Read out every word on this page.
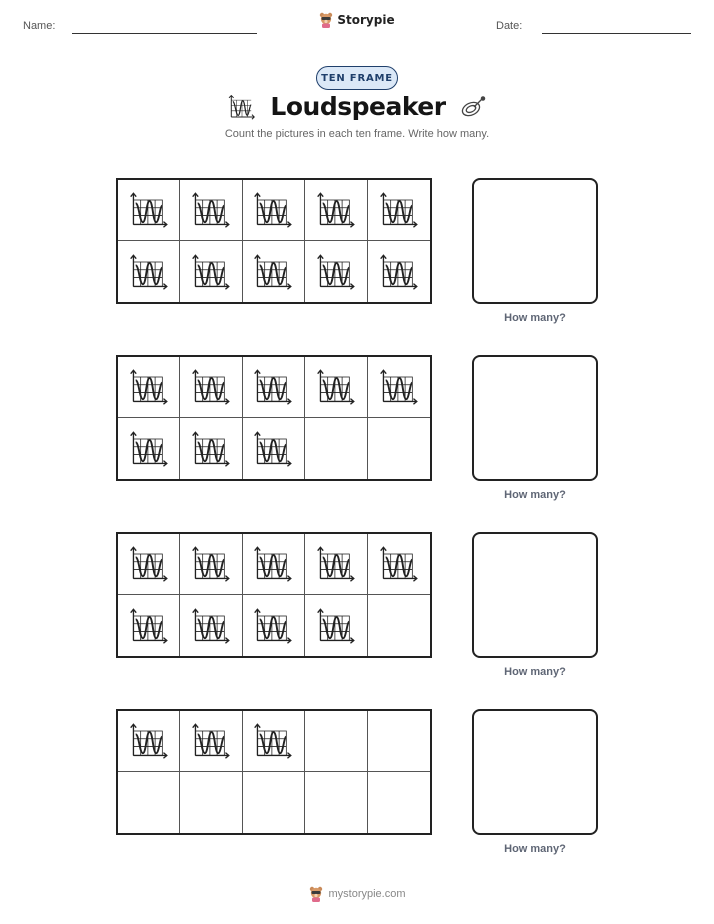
Name:	Storypie	Date:
TEN FRAME
Loudspeaker
Count the pictures in each ten frame. Write how many.
How many?
How many?
How many?
How many?
mystorypie.com
